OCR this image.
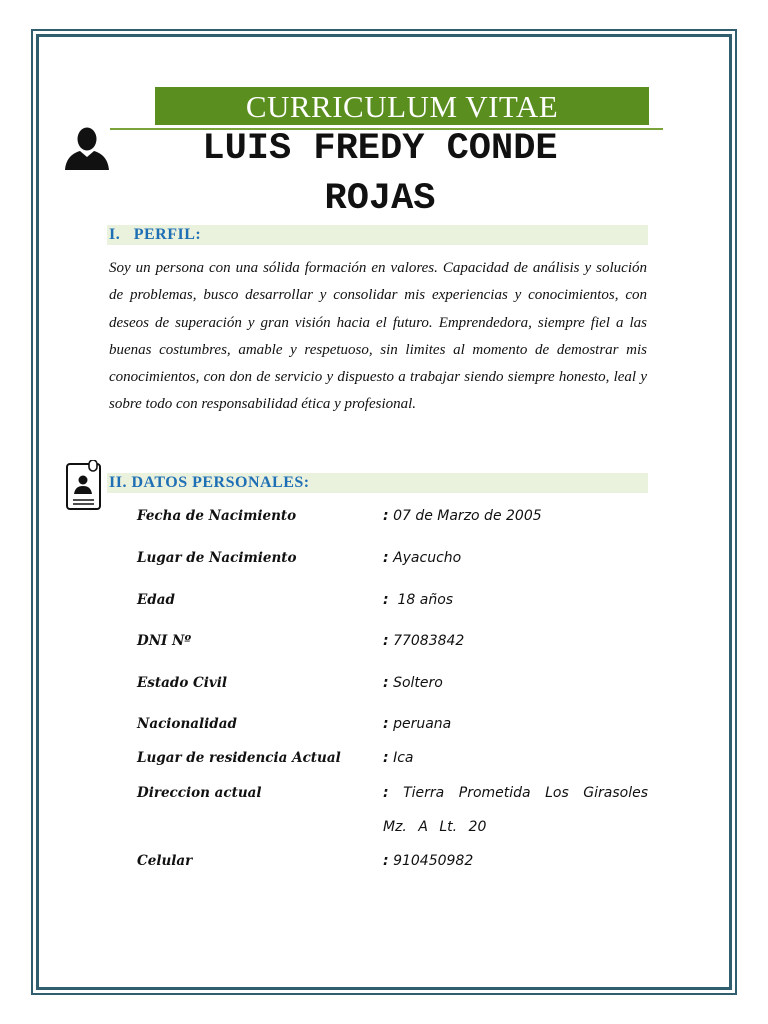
CURRICULUM VITAE
LUIS FREDY CONDE
ROJAS
I.   PERFIL:
Soy un persona con una sólida formación en valores. Capacidad de análisis y solución de problemas, busco desarrollar y consolidar mis experiencias y conocimientos, con deseos de superación y gran visión hacia el futuro. Emprendedora, siempre fiel a las buenas costumbres, amable y respetuoso, sin limites al momento de demostrar mis conocimientos, con don de servicio y dispuesto a trabajar siendo siempre honesto, leal y sobre todo con responsabilidad ética y profesional.
II. DATOS PERSONALES:
Fecha de Nacimiento	: 07 de Marzo de 2005
Lugar de Nacimiento	: Ayacucho
Edad	:  18 años
DNI Nº	: 77083842
Estado Civil	: Soltero
Nacionalidad	: peruana
Lugar de residencia Actual	: Ica
Direccion actual	: Tierra Prometida Los Girasoles Mz. A Lt. 20
Celular	: 910450982
